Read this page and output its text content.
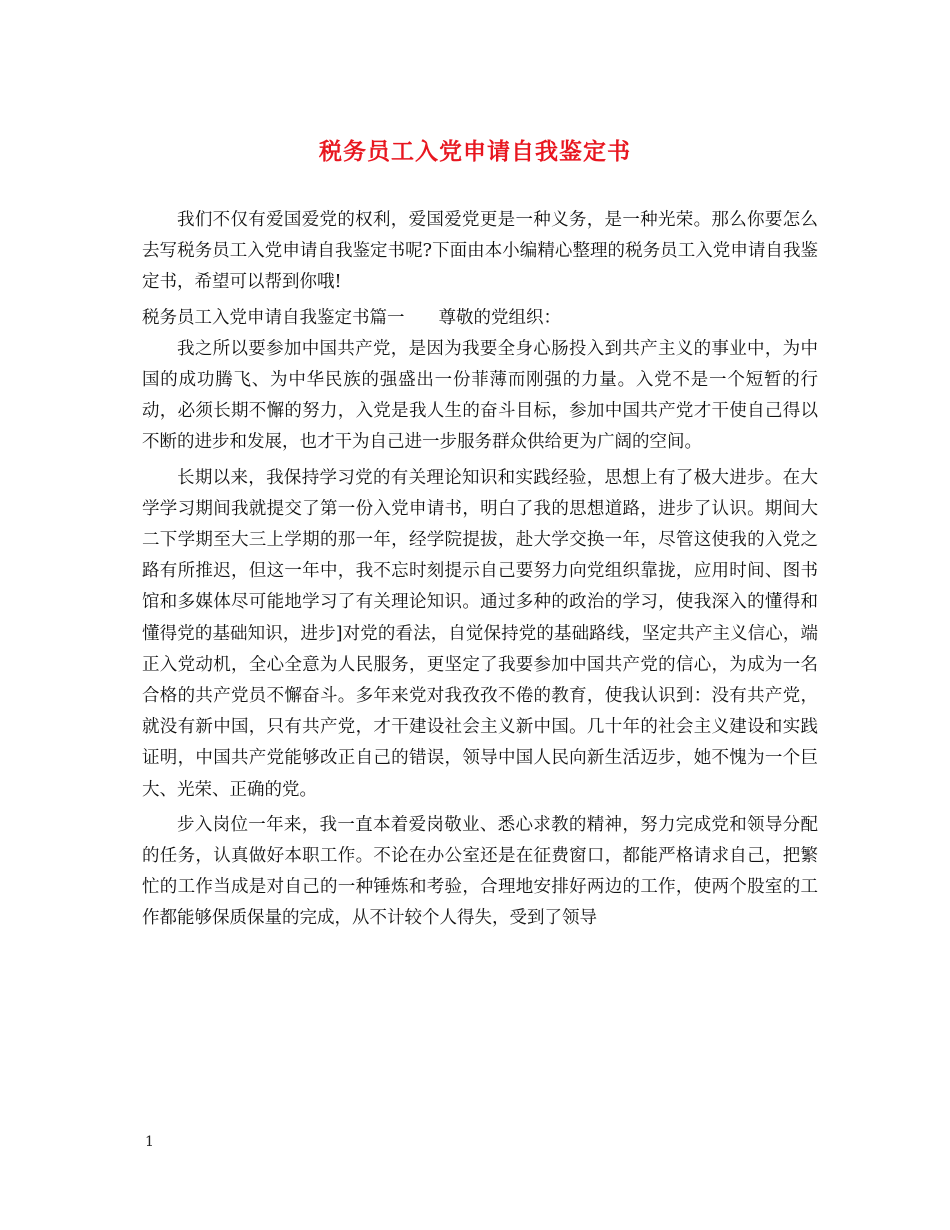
税务员工入党申请自我鉴定书

我们不仅有爱国爱党的权利，爱国爱党更是一种义务，是一种光荣。那么你要怎么去写税务员工入党申请自我鉴定书呢?下面由本小编精心整理的税务员工入党申请自我鉴定书，希望可以帮到你哦!

税务员工入党申请自我鉴定书篇一 尊敬的党组织：

我之所以要参加中国共产党，是因为我要全身心肠投入到共产主义的事业中，为中国的成功腾飞、为中华民族的强盛出一份菲薄而刚强的力量。入党不是一个短暂的行动，必须长期不懈的努力，入党是我人生的奋斗目标，参加中国共产党才干使自己得以不断的进步和发展，也才干为自己进一步服务群众供给更为广阔的空间。

长期以来，我保持学习党的有关理论知识和实践经验，思想上有了极大进步。在大学学习期间我就提交了第一份入党申请书，明白了我的思想道路，进步了认识。期间大二下学期至大三上学期的那一年，经学院提拔，赴大学交换一年，尽管这使我的入党之路有所推迟，但这一年中，我不忘时刻提示自己要努力向党组织靠拢，应用时间、图书馆和多媒体尽可能地学习了有关理论知识。通过多种的政治的学习，使我深入的懂得和懂得党的基础知识，进步]对党的看法，自觉保持党的基础路线，坚定共产主义信心，端正入党动机，全心全意为人民服务，更坚定了我要参加中国共产党的信心，为成为一名合格的共产党员不懈奋斗。多年来党对我孜孜不倦的教育，使我认识到：没有共产党，就没有新中国，只有共产党，才干建设社会主义新中国。几十年的社会主义建设和实践证明，中国共产党能够改正自己的错误，领导中国人民向新生活迈步，她不愧为一个巨大、光荣、正确的党。

步入岗位一年来，我一直本着爱岗敬业、悉心求教的精神，努力完成党和领导分配的任务，认真做好本职工作。不论在办公室还是在征费窗口，都能严格请求自己，把繁忙的工作当成是对自己的一种锤炼和考验，合理地安排好两边的工作，使两个股室的工作都能够保质保量的完成，从不计较个人得失，受到了领导

1
